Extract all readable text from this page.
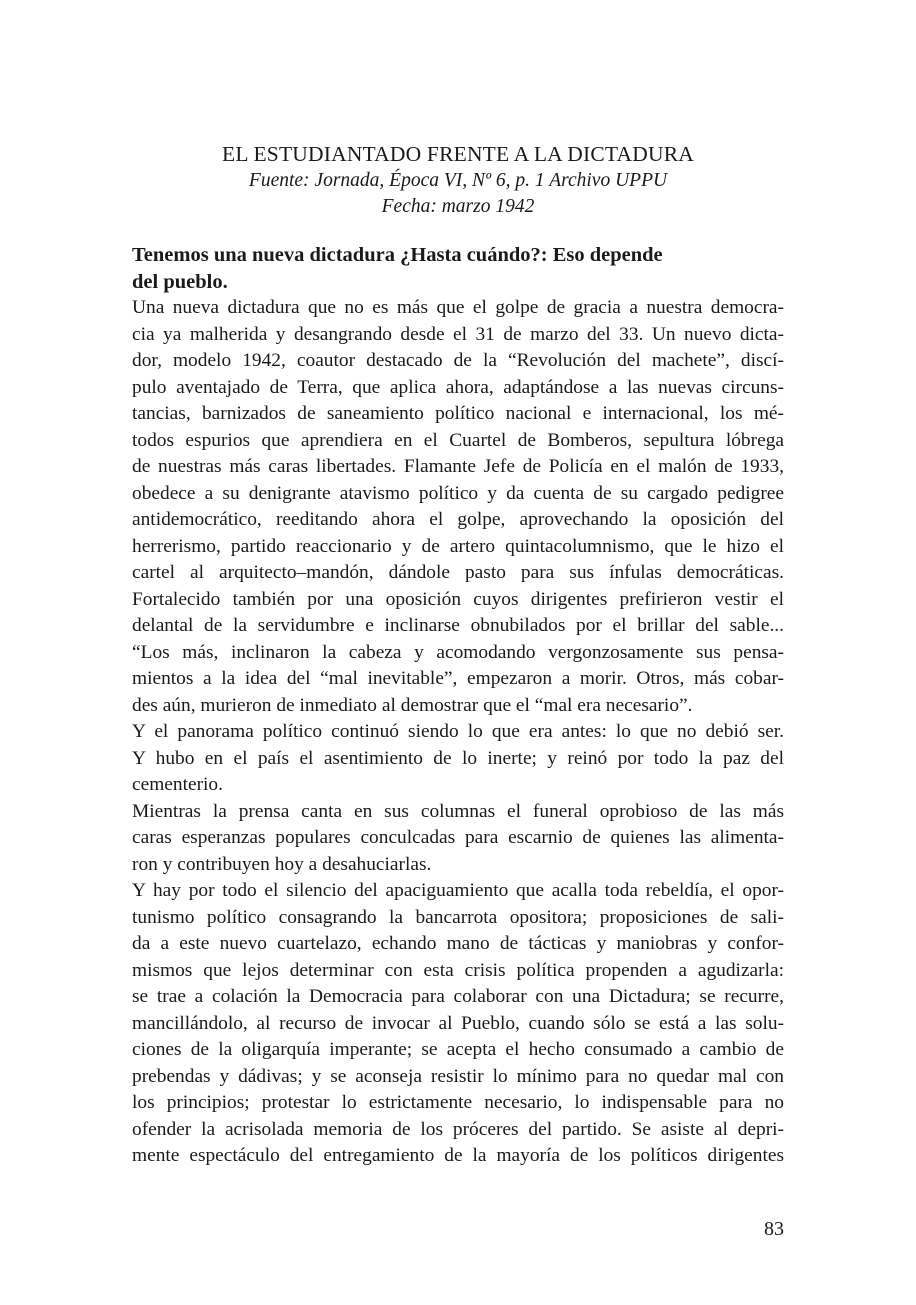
EL ESTUDIANTADO FRENTE A LA DICTADURA

Fuente: Jornada, Época VI, Nº 6, p. 1 Archivo UPPU

Fecha: marzo 1942

Tenemos una nueva dictadura ¿Hasta cuándo?: Eso depende
del pueblo.

Una nueva dictadura que no es más que el golpe de gracia a nuestra democra-
cia ya malherida y desangrando desde el 31 de marzo del 33. Un nuevo dicta-
dor, modelo 1942, coautor destacado de la “Revolución del machete”, discí-
pulo aventajado de Terra, que aplica ahora, adaptándose a las nuevas circuns-
tancias, barnizados de saneamiento político nacional e internacional, los mé-
todos espurios que aprendiera en el Cuartel de Bomberos, sepultura lóbrega
de nuestras más caras libertades. Flamante Jefe de Policía en el malón de 1933,
obedece a su denigrante atavismo político y da cuenta de su cargado pedigree
antidemocrático, reeditando ahora el golpe, aprovechando la oposición del
herrerismo, partido reaccionario y de artero quintacolumnismo, que le hizo el
cartel al arquitecto–mandón, dándole pasto para sus ínfulas democráticas.
Fortalecido también por una oposición cuyos dirigentes prefirieron vestir el
delantal de la servidumbre e inclinarse obnubilados por el brillar del sable...
“Los más, inclinaron la cabeza y acomodando vergonzosamente sus pensa-
mientos a la idea del “mal inevitable”, empezaron a morir. Otros, más cobar-
des aún, murieron de inmediato al demostrar que el “mal era necesario”.

Y el panorama político continuó siendo lo que era antes: lo que no debió ser.
Y hubo en el país el asentimiento de lo inerte; y reinó por todo la paz del
cementerio.

Mientras la prensa canta en sus columnas el funeral oprobioso de las más
caras esperanzas populares conculcadas para escarnio de quienes las alimenta-
ron y contribuyen hoy a desahuciarlas.

Y hay por todo el silencio del apaciguamiento que acalla toda rebeldía, el opor-
tunismo político consagrando la bancarrota opositora; proposiciones de sali-
da a este nuevo cuartelazo, echando mano de tácticas y maniobras y confor-
mismos que lejos determinar con esta crisis política propenden a agudizarla:
se trae a colación la Democracia para colaborar con una Dictadura; se recurre,
mancillándolo, al recurso de invocar al Pueblo, cuando sólo se está a las solu-
ciones de la oligarquía imperante; se acepta el hecho consumado a cambio de
prebendas y dádivas; y se aconseja resistir lo mínimo para no quedar mal con
los principios; protestar lo estrictamente necesario, lo indispensable para no
ofender la acrisolada memoria de los próceres del partido. Se asiste al depri-
mente espectáculo del entregamiento de la mayoría de los políticos dirigentes

83
